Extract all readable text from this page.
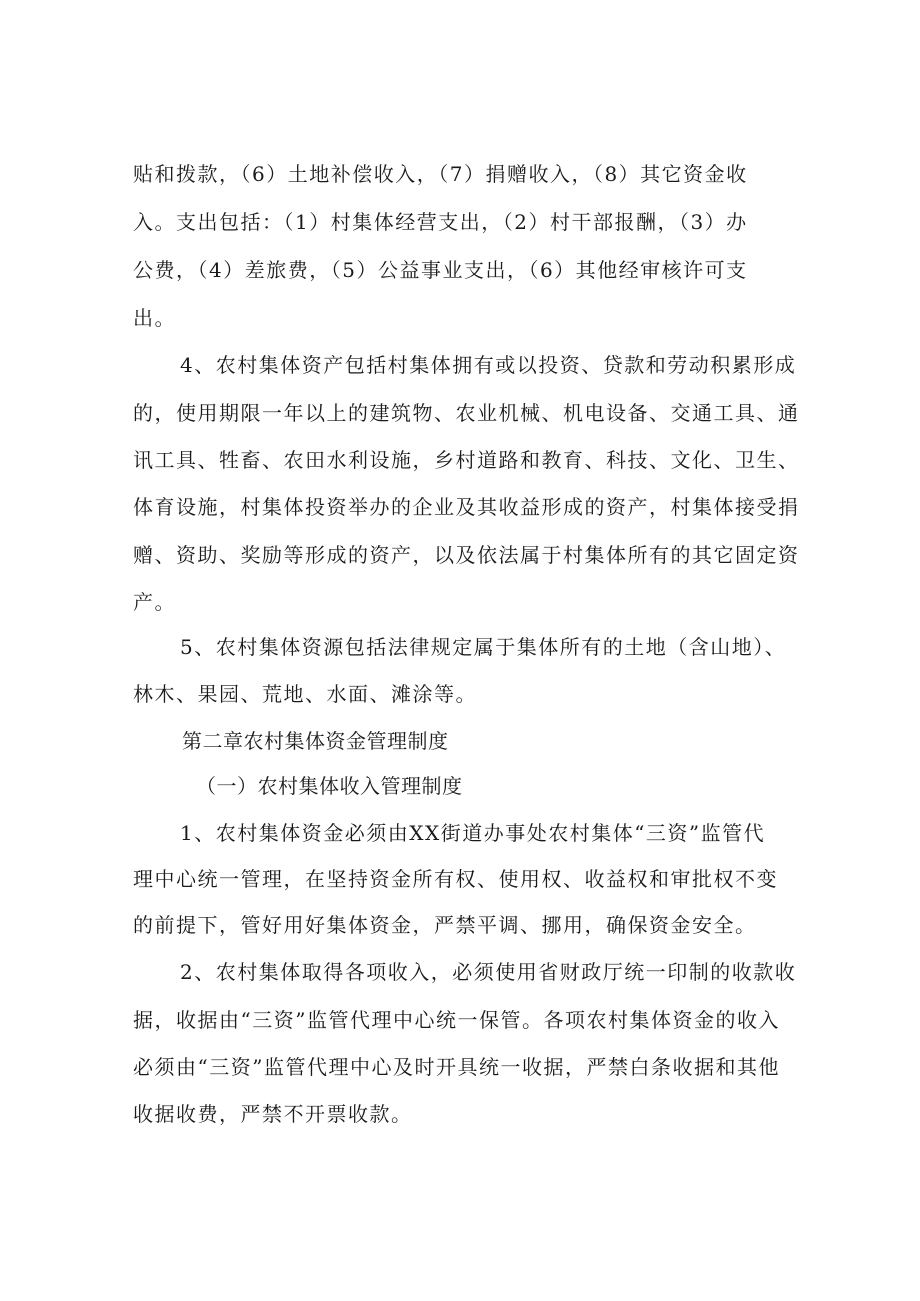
贴和拨款，（6）土地补偿收入，（7）捐赠收入，（8）其它资金收
入。支出包括：（1）村集体经营支出，（2）村干部报酬，（3）办
公费，（4）差旅费，（5）公益事业支出，（6）其他经审核许可支
出。
4、农村集体资产包括村集体拥有或以投资、贷款和劳动积累形成
的，使用期限一年以上的建筑物、农业机械、机电设备、交通工具、通
讯工具、牲畜、农田水利设施，乡村道路和教育、科技、文化、卫生、
体育设施，村集体投资举办的企业及其收益形成的资产，村集体接受捐
赠、资助、奖励等形成的资产，以及依法属于村集体所有的其它固定资
产。
5、农村集体资源包括法律规定属于集体所有的土地（含山地）、
林木、果园、荒地、水面、滩涂等。
第二章农村集体资金管理制度
（一）农村集体收入管理制度
1、农村集体资金必须由XX街道办事处农村集体“三资”监管代
理中心统一管理，在坚持资金所有权、使用权、收益权和审批权不变
的前提下，管好用好集体资金，严禁平调、挪用，确保资金安全。
2、农村集体取得各项收入，必须使用省财政厅统一印制的收款收
据，收据由“三资”监管代理中心统一保管。各项农村集体资金的收入
必须由“三资”监管代理中心及时开具统一收据，严禁白条收据和其他
收据收费，严禁不开票收款。
